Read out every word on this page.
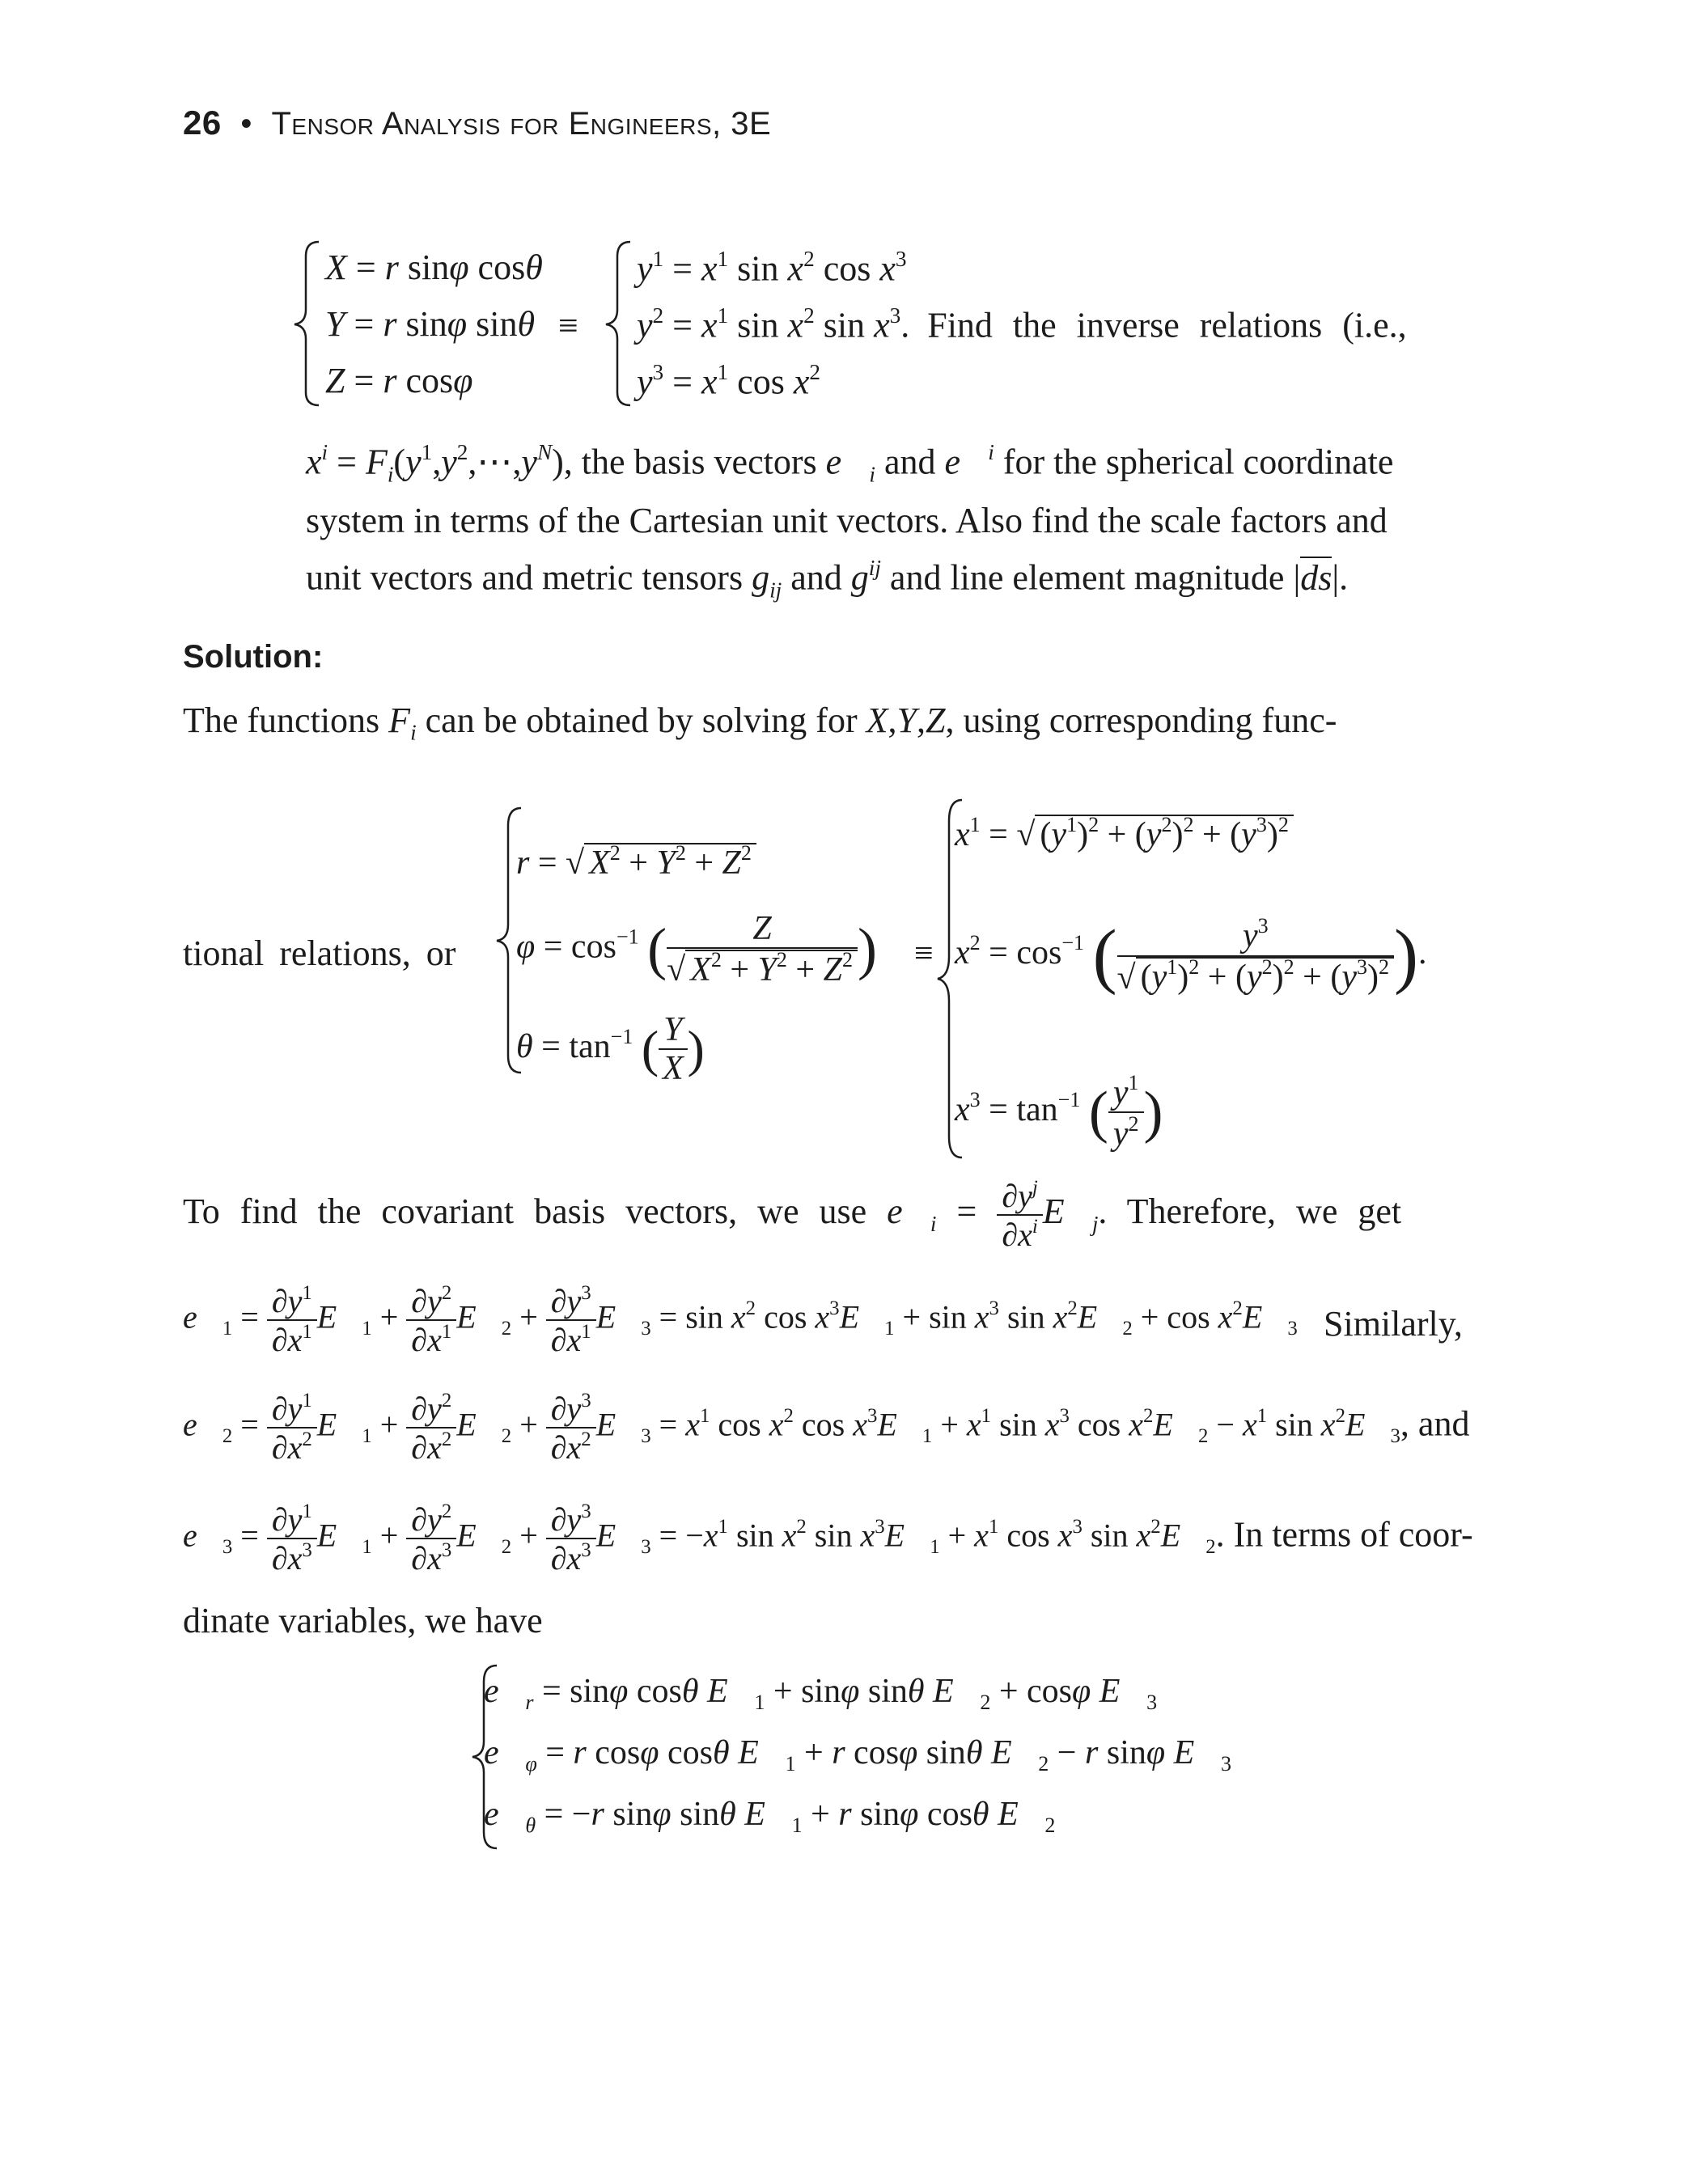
26 • Tensor Analysis for Engineers, 3E
X = r sinφ cosθ
Y = r sinφ sinθ
Z = r cosφ
≡
$y^1 = x^1$ $\sin x^2$ $\cos x^3$
$y^2 = x^1$ $\sin x^2$ $\sin x^3$.  Find the inverse relations (i.e.,
$y^3 = x^1$ $\cos x^2$
$x^i$ = $F_i(y^1,y^2,\cdots,y^N)$, the basis vectors $e⃗_i$ and e⃗$^i$ for the spherical coordinate
system in terms of the Cartesian unit vectors. Also find the scale factors and
unit vectors and metric tensors $g_{ij}$ and $g^{ij}$ and line element magnitude |ds|.
Solution:
The functions $F_i$ can be obtained by solving for X,Y,Z, using corresponding func-
tional relations, or
r = √ $X^2 + Y^2 + Z^2$
$\varphi = \cos^{-1}$ ( $\frac{Z}{√ X^2 + Y^2 + Z^2}$ )
$\theta = \tan^{-1}$ ( $\frac{Y}{X}$ )
≡
$x^1$ = √ $(y^1)^2 + (y^2)^2 + (y^3)^2$
$x^2 = \cos^{-1}$ ( $\frac{y^3}{√ (y^1)^2 + (y^2)^2 + (y^3)^2}$ ).
$x^3 = \tan^{-1}$ ( $\frac{y^1}{y^2}$ )
To find the covariant basis vectors, we use $e⃗_i = \frac{\partial y^j}{\partial x^i}$ $E⃗_j$. Therefore, we get
$e⃗_1 = \frac{\partial y^1}{\partial x^1}$ $E⃗_1 + \frac{\partial y^2}{\partial x^1}$ $E⃗_2 + \frac{\partial y^3}{\partial x^1}$ $E⃗_3 = \sin x^2$ $\cos x^3E⃗_1 + \sin x^3$ $\sin x^2E⃗_2 + \cos$ $x^2E⃗_3$ Similarly,
$e⃗_2 = \frac{\partial y^1}{\partial x^2}$ $E⃗_1 + \frac{\partial y^2}{\partial x^2}$ $E⃗_2 + \frac{\partial y^3}{\partial x^2}$ $E⃗_3 = x^1$ $\cos x^2$ $\cos x^3E⃗_1 + x^1$ $\sin x^3$ $\cos x^2E⃗_2 - x^1$ $\sin x^2E⃗_3$, and
$e⃗_3 = \frac{\partial y^1}{\partial x^3}$ $E⃗_1 + \frac{\partial y^2}{\partial x^3}$ $E⃗_2 + \frac{\partial y^3}{\partial x^3}$ $E⃗_3 = -x^1$ $\sin x^2$ $\sin x^3E⃗_1 + x^1$ $\cos x^3$ $\sin x^2E⃗_2$. In terms of coor-
dinate variables, we have
$e⃗_r = \sin\varphi$ cosθ $E⃗_1 + \sin\varphi$ sinθ $E⃗_2 + \cos\varphi$ $E⃗_3$
$e⃗_\varphi = r$ cosφ cosθ $E⃗_1 + r$ cosφ sinθ $E⃗_2 - r$ sinφ $E⃗_3$
$e⃗_\theta = -r$ sinφ sinθ $E⃗_1 + r$ sinφ cosθ $E⃗_2$
